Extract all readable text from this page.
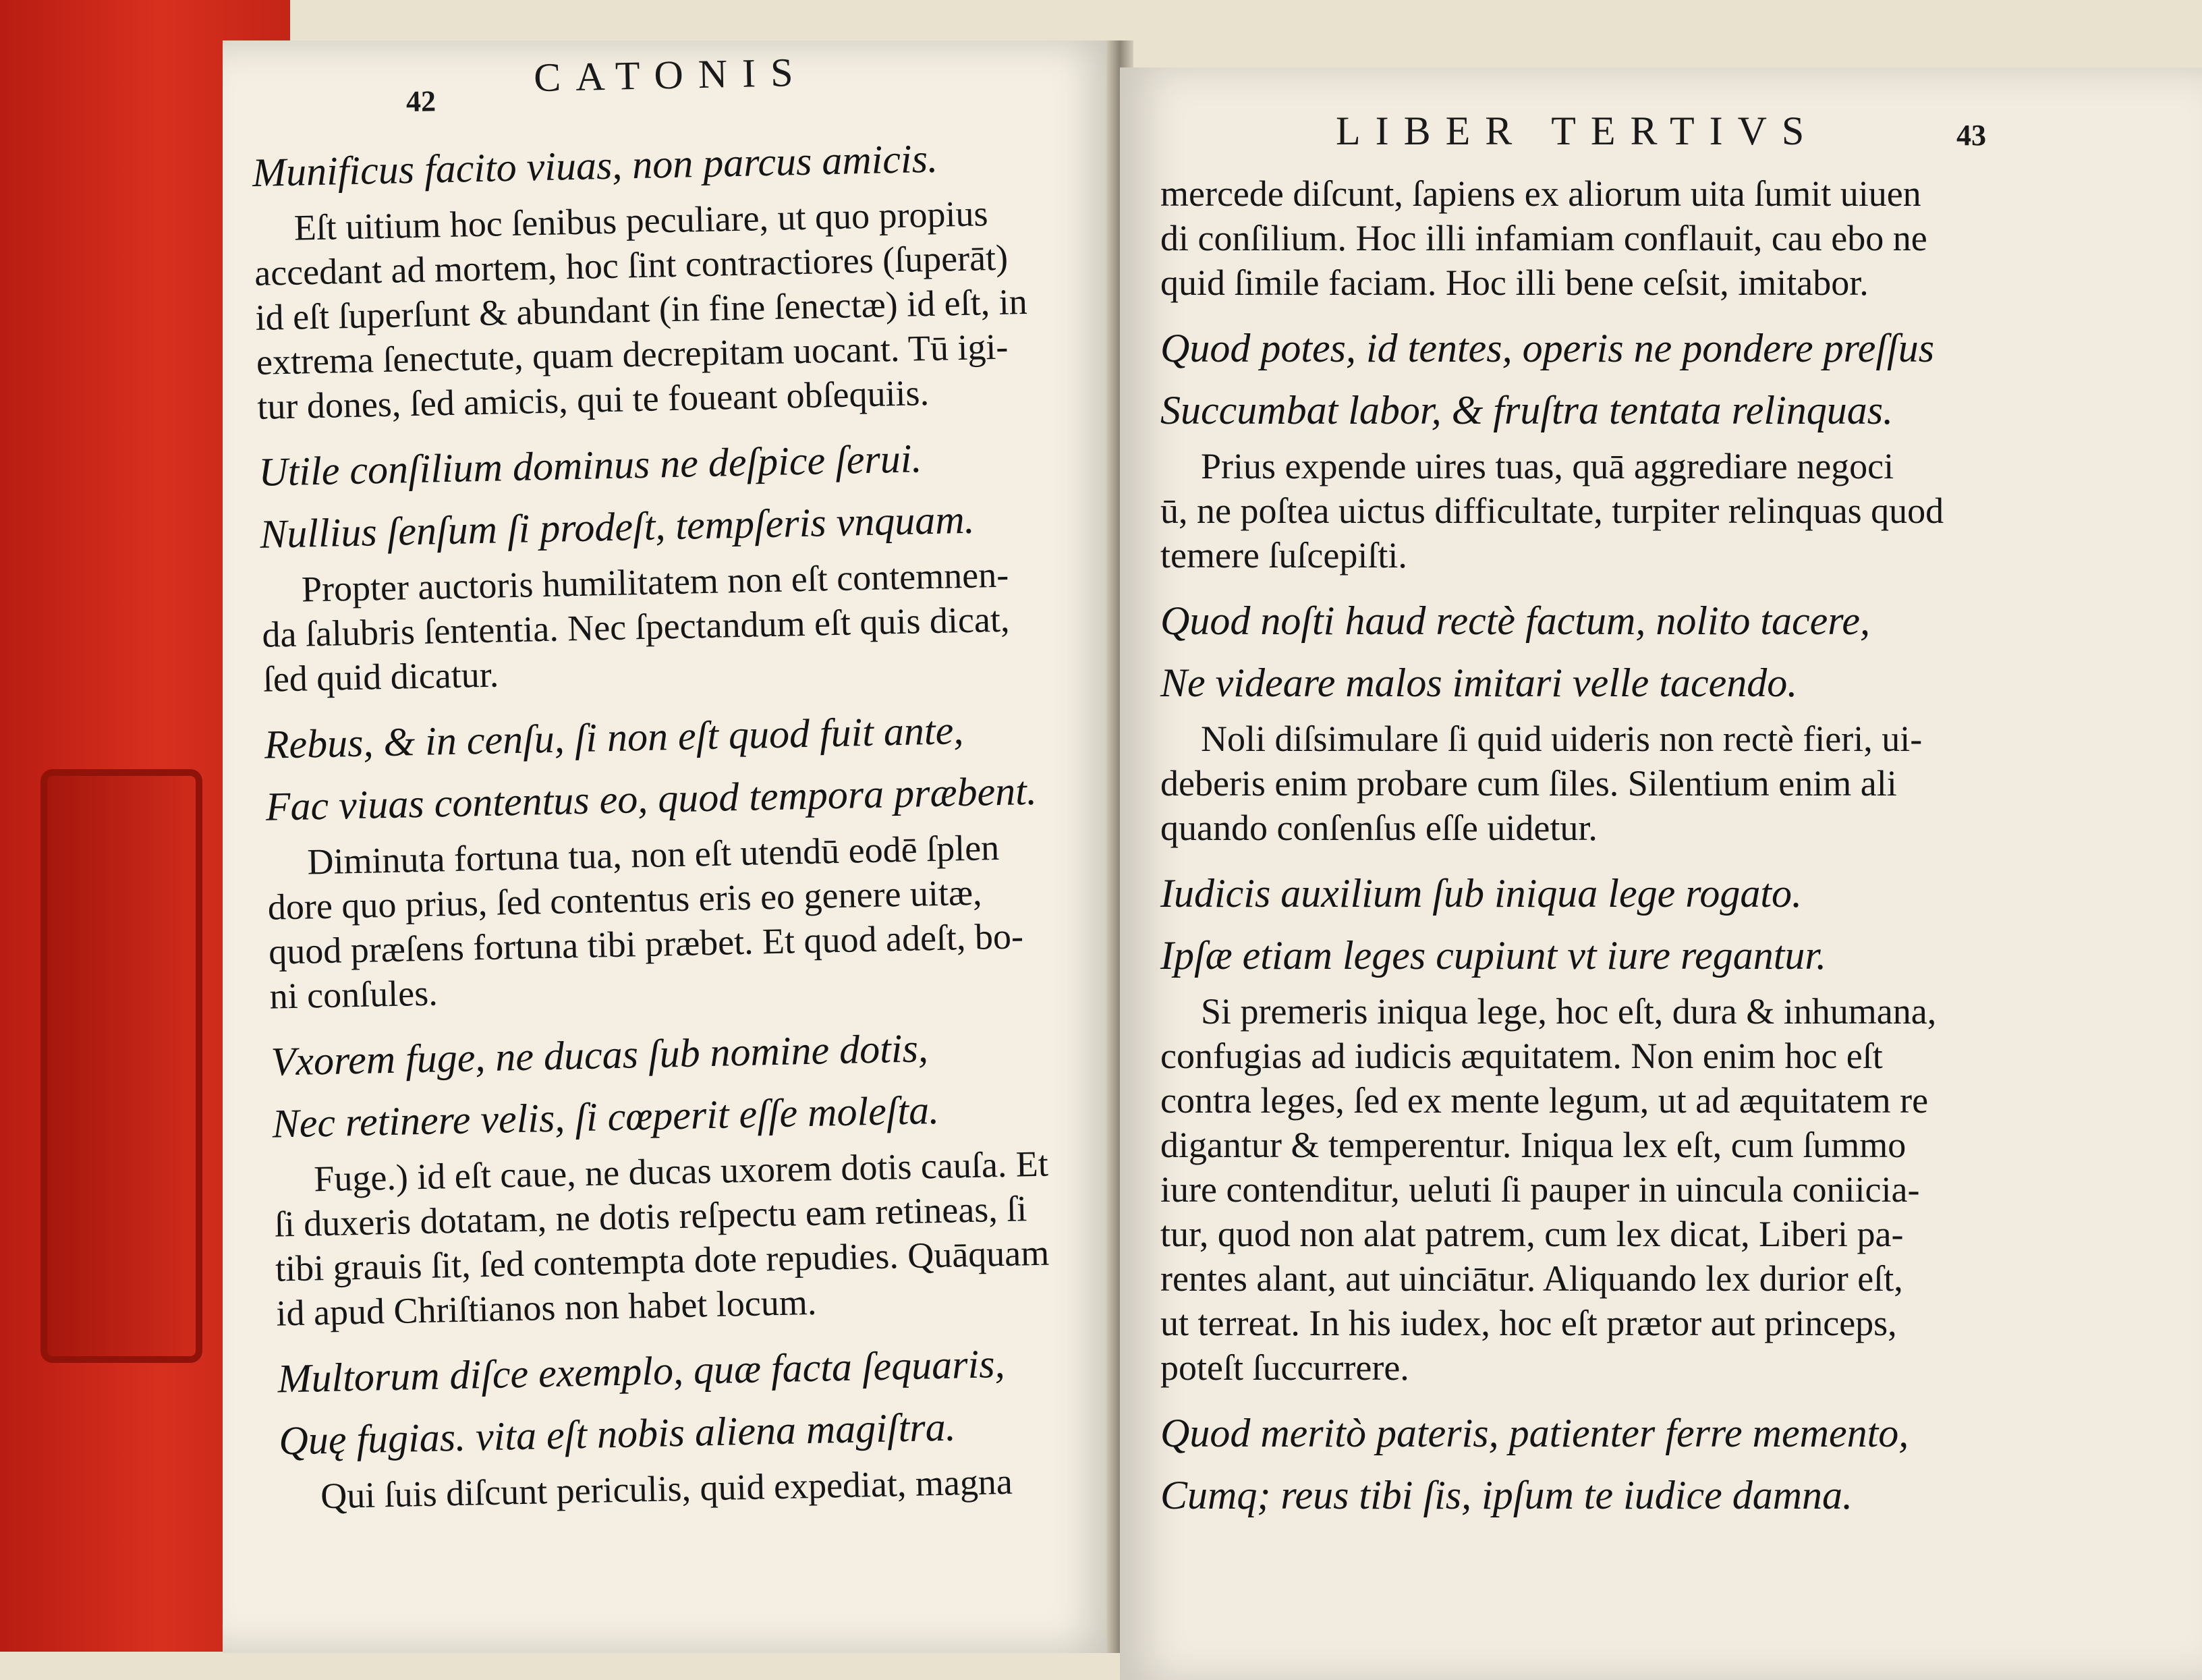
42
CATONIS
Munificus facito viuas, non parcus amicis.
Eſt uitium hoc ſenibus peculiare, ut quo propius
accedant ad mortem, hoc ſint contractiores (ſuperāt)
id eſt ſuperſunt & abundant (in fine ſenectæ) id eſt, in
extrema ſenectute, quam decrepitam uocant. Tū igi-
tur dones, ſed amicis, qui te foueant obſequiis.
Utile conſilium dominus ne deſpice ſerui.
Nullius ſenſum ſi prodeſt, tempſeris vnquam.
Propter auctoris humilitatem non eſt contemnen-
da ſalubris ſententia. Nec ſpectandum eſt quis dicat,
ſed quid dicatur.
Rebus, & in cenſu, ſi non eſt quod fuit ante,
Fac viuas contentus eo, quod tempora præbent.
Diminuta fortuna tua, non eſt utendū eodē ſplen
dore quo prius, ſed contentus eris eo genere uitæ,
quod præſens fortuna tibi præbet. Et quod adeſt, bo-
ni conſules.
Vxorem fuge, ne ducas ſub nomine dotis,
Nec retinere velis, ſi cœperit eſſe moleſta.
Fuge.) id eſt caue, ne ducas uxorem dotis cauſa. Et
ſi duxeris dotatam, ne dotis reſpectu eam retineas, ſi
tibi grauis ſit, ſed contempta dote repudies. Quāquam
id apud Chriſtianos non habet locum.
Multorum diſce exemplo, quæ facta ſequaris,
Quę fugias. vita eſt nobis aliena magiſtra.
Qui ſuis diſcunt periculis, quid expediat, magna
LIBER TERTIVS	43
mercede diſcunt, ſapiens ex aliorum uita ſumit uiuen
di conſilium. Hoc illi infamiam conflauit, cau ebo ne
quid ſimile faciam. Hoc illi bene ceſsit, imitabor.
Quod potes, id tentes, operis ne pondere preſſus
Succumbat labor, & fruſtra tentata relinquas.
Prius expende uires tuas, quā aggrediare negoci
ū, ne poſtea uictus difficultate, turpiter relinquas quod
temere ſuſcepiſti.
Quod noſti haud rectè factum, nolito tacere,
Ne videare malos imitari velle tacendo.
Noli diſsimulare ſi quid uideris non rectè fieri, ui-
deberis enim probare cum ſiles. Silentium enim ali
quando conſenſus eſſe uidetur.
Iudicis auxilium ſub iniqua lege rogato.
Ipſæ etiam leges cupiunt vt iure regantur.
Si premeris iniqua lege, hoc eſt, dura & inhumana,
confugias ad iudicis æquitatem. Non enim hoc eſt
contra leges, ſed ex mente legum, ut ad æquitatem re
digantur & temperentur. Iniqua lex eſt, cum ſummo
iure contenditur, ueluti ſi pauper in uincula coniicia-
tur, quod non alat patrem, cum lex dicat, Liberi pa-
rentes alant, aut uinciātur. Aliquando lex durior eſt,
ut terreat. In his iudex, hoc eſt prætor aut princeps,
poteſt ſuccurrere.
Quod meritò pateris, patienter ferre memento,
Cumq; reus tibi ſis, ipſum te iudice damna.
